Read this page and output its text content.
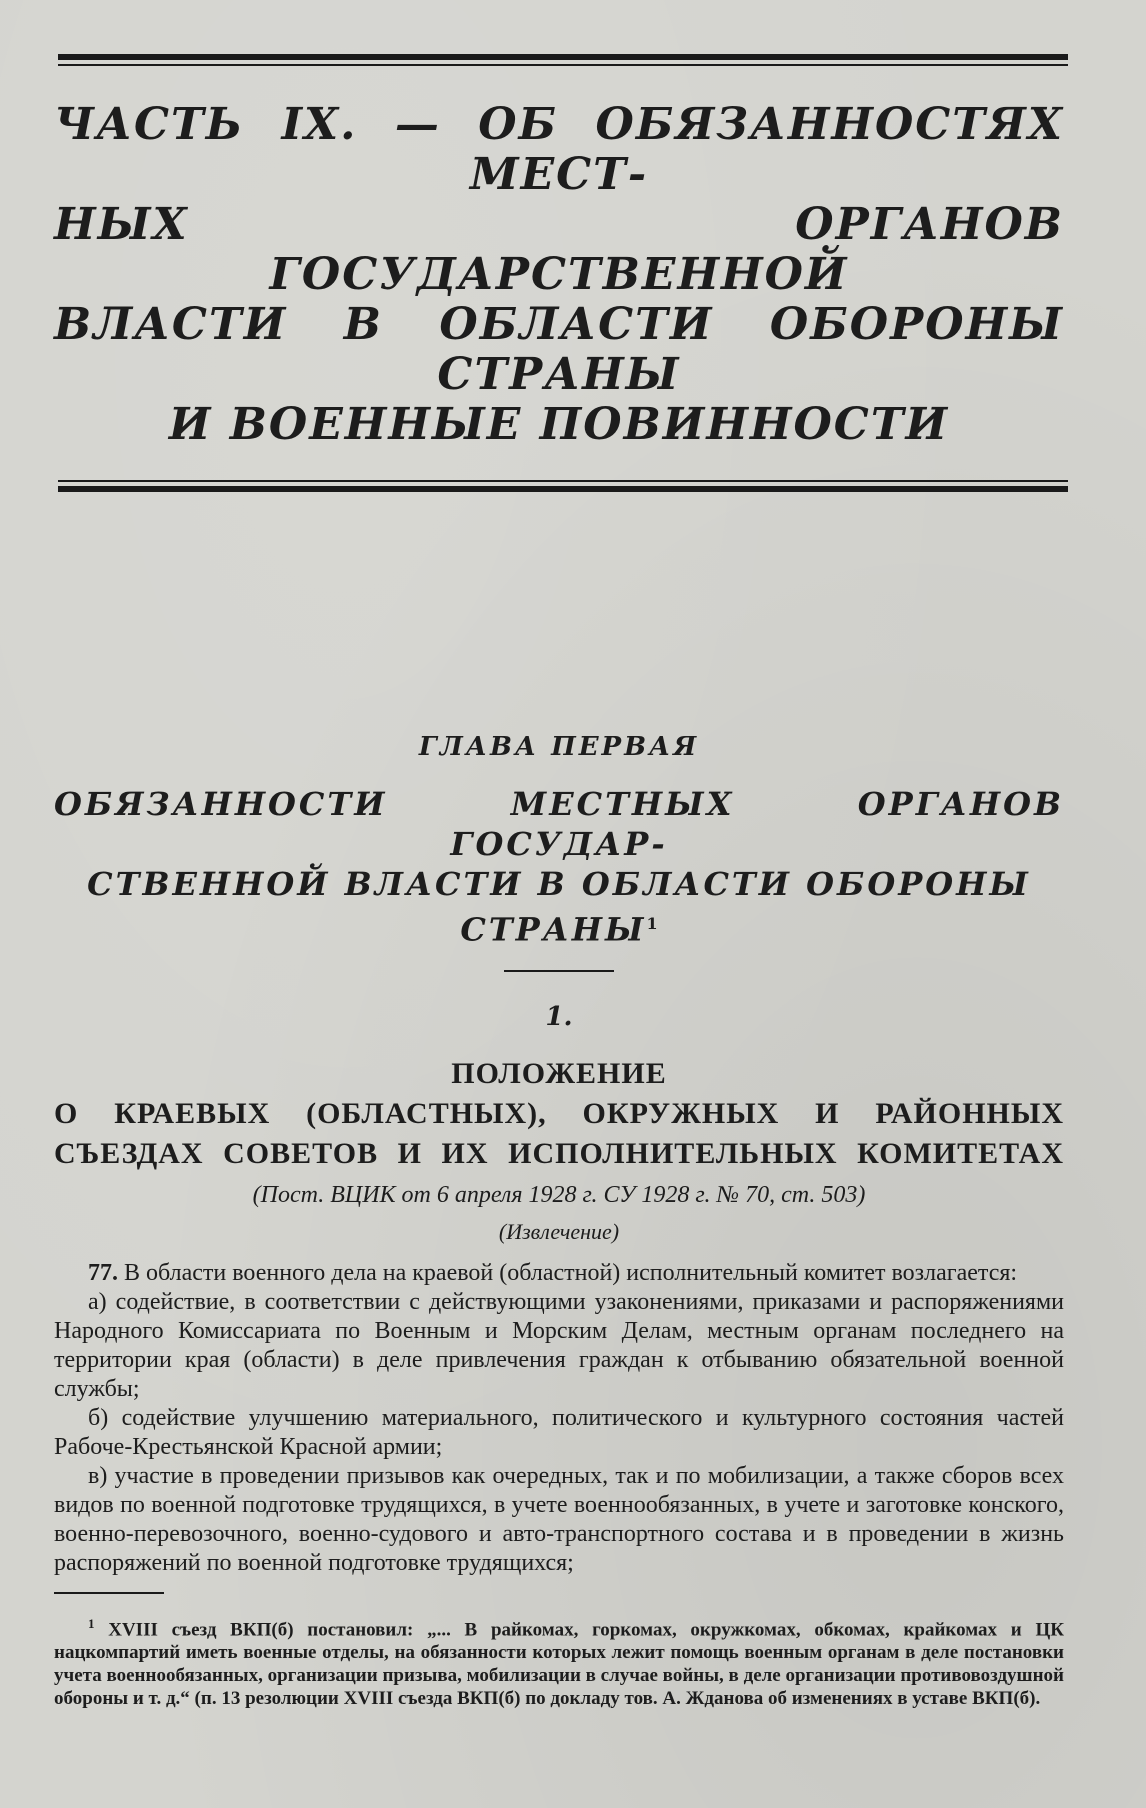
ЧАСТЬ IX. — ОБ ОБЯЗАННОСТЯХ МЕСТ-
НЫХ ОРГАНОВ ГОСУДАРСТВЕННОЙ
ВЛАСТИ В ОБЛАСТИ ОБОРОНЫ СТРАНЫ
И ВОЕННЫЕ ПОВИННОСТИ
ГЛАВА ПЕРВАЯ
ОБЯЗАННОСТИ МЕСТНЫХ ОРГАНОВ ГОСУДАР-
СТВЕННОЙ ВЛАСТИ В ОБЛАСТИ ОБОРОНЫ
СТРАНЫ$^1$
1.
ПОЛОЖЕНИЕ
О КРАЕВЫХ (ОБЛАСТНЫХ), ОКРУЖНЫХ И РАЙОННЫХ
СЪЕЗДАХ СОВЕТОВ И ИХ ИСПОЛНИТЕЛЬНЫХ КОМИТЕТАХ
(Пост. ВЦИК от 6 апреля 1928 г. СУ 1928 г. № 70, ст. 503)
(Извлечение)

77. В области военного дела на краевой (областной) исполнительный комитет возлагается:

а) содействие, в соответствии с действующими узаконениями, приказами и распоряжениями Народного Комиссариата по Военным и Морским Делам, местным органам последнего на территории края (области) в деле привлечения граждан к отбыванию обязательной военной службы;

б) содействие улучшению материального, политического и культурного состояния частей Рабоче-Крестьянской Красной армии;

в) участие в проведении призывов как очередных, так и по мобилизации, а также сборов всех видов по военной подготовке трудящихся, в учете военнообязанных, в учете и заготовке конского, военно-перевозочного, военно-судового и авто-транспортного состава и в проведении в жизнь распоряжений по военной подготовке трудящихся;

$^1$ XVIII съезд ВКП(б) постановил: „... В райкомах, горкомах, окружкомах, обкомах, крайкомах и ЦК нацкомпартий иметь военные отделы, на обязанности которых лежит помощь военным органам в деле постановки учета военнообязанных, организации призыва, мобилизации в случае войны, в деле организации противовоздушной обороны и т. д.“ (п. 13 резолюции XVIII съезда ВКП(б) по докладу тов. А. Жданова об изменениях в уставе ВКП(б).
